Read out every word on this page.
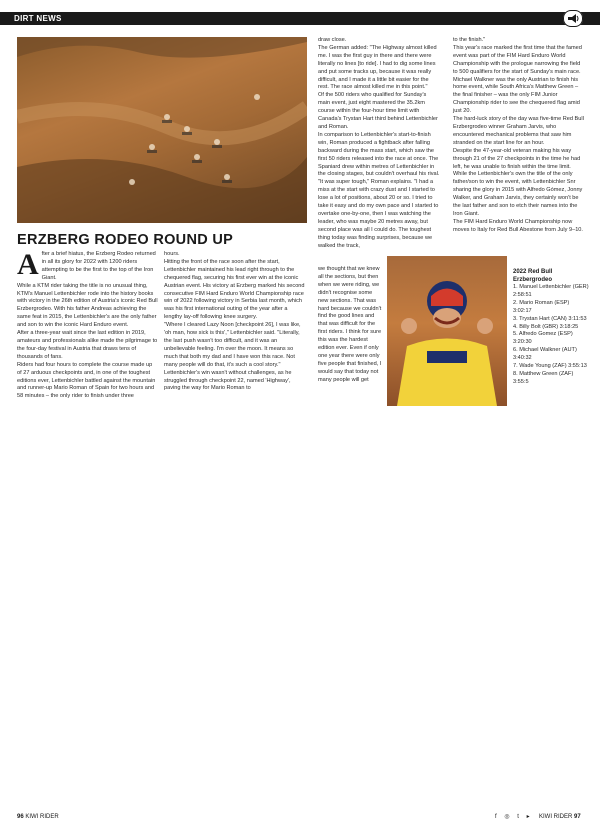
DIRT NEWS
ERZBERG RODEO ROUND UP
A fter a brief hiatus, the Erzberg Rodeo returned in all its glory for 2022 with 1200 riders attempting to be the first to the top of the Iron Giant.

While a KTM rider taking the title is no unusual thing, KTM's Manuel Lettenbichler rode into the history books with victory in the 26th edition of Austria's iconic Red Bull Erzbergrodeo. With his father Andreas achieving the same feat in 2015, the Lettenbichler's are the only father and son to win the iconic Hard Enduro event.

After a three-year wait since the last edition in 2019, amateurs and professionals alike made the pilgrimage to the four-day festival in Austria that draws tens of thousands of fans.

Riders had four hours to complete the course made up of 27 arduous checkpoints and, in one of the toughest editions ever, Lettenbichler battled against the mountain and runner-up Mario Roman of Spain for two hours and 58 minutes – the only rider to finish under three

hours.

Hitting the front of the race soon after the start, Lettenbichler maintained his lead right through to the chequered flag, securing his first ever win at the iconic Austrian event. His victory at Erzberg marked his second consecutive FIM Hard Enduro World Championship race win of 2022 following victory in Serbia last month, which was his first international outing of the year after a lengthy lay-off following knee surgery.

"Where I cleared Lazy Noon [checkpoint 26], I was like, 'oh man, how sick is this'," Lettenbichler said. "Literally, the last push wasn't too difficult, and it was an unbelievable feeling. I'm over the moon. It means so much that both my dad and I have won this race. Not many people will do that, it's such a cool story."

Lettenbichler's win wasn't without challenges, as he struggled through checkpoint 22, named 'Highway', paving the way for Mario Roman to

draw close.

The German added: "The Highway almost killed me. I was the first guy in there and there were literally no lines [to ride]. I had to dig some lines and put some tracks up, because it was really difficult, and I made it a little bit easier for the rest. The race almost killed me in this point."

Of the 500 riders who qualified for Sunday's main event, just eight mastered the 35.2km course within the four-hour time limit with Canada's Trystan Hart third behind Lettenbichler and Roman.

In comparison to Lettenbichler's start-to-finish win, Roman produced a fightback after falling backward during the mass start, which saw the first 50 riders released into the race at once. The Spaniard drew within metres of Lettenbichler in the closing stages, but couldn't overhaul his rival.

"It was super tough," Roman explains. "I had a miss at the start with crazy dust and I started to lose a lot of positions, about 20 or so. I tried to take it easy and do my own pace and I started to overtake one-by-one, then I was watching the leader, who was maybe 20 metres away, but second place was all I could do. The toughest thing today was finding surprises, because we walked the track,

we thought that we knew all the sections, but then when we were riding, we didn't recognise some new sections. That was hard because we couldn't find the good lines and that was difficult for the first riders. I think for sure this was the hardest edition ever. Even if only one year there were only five people that finished, I would say that today not many people will get

to the finish."

This year's race marked the first time that the famed event was part of the FIM Hard Enduro World Championship with the prologue narrowing the field to 500 qualifiers for the start of Sunday's main race.

Michael Walkner was the only Austrian to finish his home event, while South Africa's Matthew Green – the final finisher – was the only FIM Junior Championship rider to see the chequered flag amid just 20.

The hard-luck story of the day was five-time Red Bull Erzbergrodeo winner Graham Jarvis, who encountered mechanical problems that saw him stranded on the start line for an hour.

Despite the 47-year-old veteran making his way through 21 of the 27 checkpoints in the time he had left, he was unable to finish within the time limit.

While the Lettenbichler's own the title of the only father/son to win the event, with Lettenbichler Snr sharing the glory in 2015 with Alfredo Gómez, Jonny Walker, and Graham Jarvis, they certainly won't be the last father and son to etch their names into the Iron Giant.

The FIM Hard Enduro World Championship now moves to Italy for Red Bull Abestone from July 9–10.

2022 Red Bull
Erzbergrodeo
1. Manuel Lettenbichler (GER) 2:58:51
2. Mario Roman (ESP) 3:02:17
3. Trystan Hart (CAN) 3:11:53
4. Billy Bolt (GBR) 3:18:25
5. Alfredo Gomez (ESP) 3:20:30
6. Michael Walkner (AUT) 3:40:32
7. Wade Young (ZAF) 3:55:13
8. Matthew Green (ZAF) 3:55:5
96 KIWI RIDER	f ◎ t ▸ KIWI RIDER 97
